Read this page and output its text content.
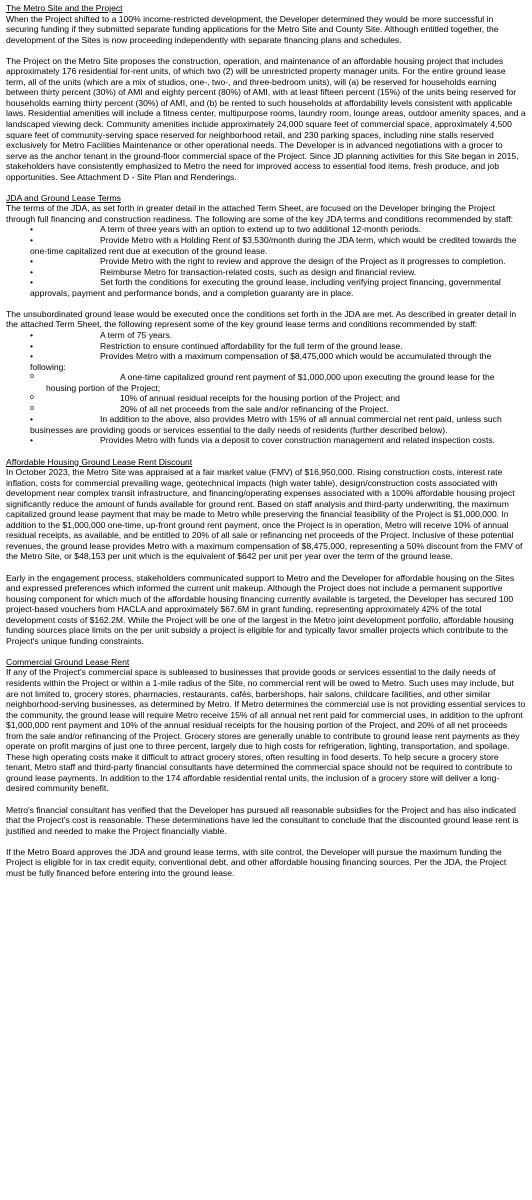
The Metro Site and the Project

When the Project shifted to a 100% income-restricted development, the Developer determined they would be more successful in securing funding if they submitted separate funding applications for the Metro Site and County Site. Although entitled together, the development of the Sites is now proceeding independently with separate financing plans and schedules.

The Project on the Metro Site proposes the construction, operation, and maintenance of an affordable housing project that includes approximately 176 residential for-rent units, of which two (2) will be unrestricted property manager units. For the entire ground lease term, all of the units (which are a mix of studios, one-, two-, and three-bedroom units), will (a) be reserved for households earning between thirty percent (30%) of AMI and eighty percent (80%) of AMI, with at least fifteen percent (15%) of the units being reserved for households earning thirty percent (30%) of AMI, and (b) be rented to such households at affordability levels consistent with applicable laws. Residential amenities will include a fitness center, multipurpose rooms, laundry room, lounge areas, outdoor amenity spaces, and a landscaped viewing deck. Community amenities include approximately 24,000 square feet of commercial space, approximately 4,500 square feet of community-serving space reserved for neighborhood retail, and 230 parking spaces, including nine stalls reserved exclusively for Metro Facilities Maintenance or other operational needs. The Developer is in advanced negotiations with a grocer to serve as the anchor tenant in the ground-floor commercial space of the Project. Since JD planning activities for this Site began in 2015, stakeholders have consistently emphasized to Metro the need for improved access to essential food items, fresh produce, and job opportunities. See Attachment D - Site Plan and Renderings.

JDA and Ground Lease Terms

The terms of the JDA, as set forth in greater detail in the attached Term Sheet, are focused on the Developer bringing the Project through full financing and construction readiness. The following are some of the key JDA terms and conditions recommended by staff:

• A term of three years with an option to extend up to two additional 12-month periods.
• Provide Metro with a Holding Rent of $3,530/month during the JDA term, which would be credited towards the one-time capitalized rent due at execution of the ground lease.
• Provide Metro with the right to review and approve the design of the Project as it progresses to completion.
• Reimburse Metro for transaction-related costs, such as design and financial review.
• Set forth the conditions for executing the ground lease, including verifying project financing, governmental approvals, payment and performance bonds, and a completion guaranty are in place.

The unsubordinated ground lease would be executed once the conditions set forth in the JDA are met. As described in greater detail in the attached Term Sheet, the following represent some of the key ground lease terms and conditions recommended by staff:

• A term of 75 years.
• Restriction to ensure continued affordability for the full term of the ground lease.
• Provides Metro with a maximum compensation of $8,475,000 which would be accumulated through the following:
o A one-time capitalized ground rent payment of $1,000,000 upon executing the ground lease for the housing portion of the Project;
o 10% of annual residual receipts for the housing portion of the Project; and
o 20% of all net proceeds from the sale and/or refinancing of the Project.
• In addition to the above, also provides Metro with 15% of all annual commercial net rent paid, unless such businesses are providing goods or services essential to the daily needs of residents (further described below).
• Provides Metro with funds via a deposit to cover construction management and related inspection costs.

Affordable Housing Ground Lease Rent Discount

In October 2023, the Metro Site was appraised at a fair market value (FMV) of $16,950,000. Rising construction costs, interest rate inflation, costs for commercial prevailing wage, geotechnical impacts (high water table), design/construction costs associated with development near complex transit infrastructure, and financing/operating expenses associated with a 100% affordable housing project significantly reduce the amount of funds available for ground rent. Based on staff analysis and third-party underwriting, the maximum capitalized ground lease payment that may be made to Metro while preserving the financial feasibility of the Project is $1,000,000. In addition to the $1,000,000 one-time, up-front ground rent payment, once the Project is in operation, Metro will receive 10% of annual residual receipts, as available, and be entitled to 20% of all sale or refinancing net proceeds of the Project. Inclusive of these potential revenues, the ground lease provides Metro with a maximum compensation of $8,475,000, representing a 50% discount from the FMV of the Metro Site, or $48,153 per unit which is the equivalent of $642 per unit per year over the term of the ground lease.

Early in the engagement process, stakeholders communicated support to Metro and the Developer for affordable housing on the Sites and expressed preferences which informed the current unit makeup. Although the Project does not include a permanent supportive housing component for which much of the affordable housing financing currently available is targeted, the Developer has secured 100 project-based vouchers from HACLA and approximately $67.6M in grant funding, representing approximately 42% of the total development costs of $162.2M. While the Project will be one of the largest in the Metro joint development portfolio, affordable housing funding sources place limits on the per unit subsidy a project is eligible for and typically favor smaller projects which contribute to the Project's unique funding constraints.

Commercial Ground Lease Rent

If any of the Project's commercial space is subleased to businesses that provide goods or services essential to the daily needs of residents within the Project or within a 1-mile radius of the Site, no commercial rent will be owed to Metro. Such uses may include, but are not limited to, grocery stores, pharmacies, restaurants, cafés, barbershops, hair salons, childcare facilities, and other similar neighborhood-serving businesses, as determined by Metro. If Metro determines the commercial use is not providing essential services to the community, the ground lease will require Metro receive 15% of all annual net rent paid for commercial uses, in addition to the upfront $1,000,000 rent payment and 10% of the annual residual receipts for the housing portion of the Project, and 20% of all net proceeds from the sale and/or refinancing of the Project. Grocery stores are generally unable to contribute to ground lease rent payments as they operate on profit margins of just one to three percent, largely due to high costs for refrigeration, lighting, transportation, and spoilage. These high operating costs make it difficult to attract grocery stores, often resulting in food deserts. To help secure a grocery store tenant, Metro staff and third-party financial consultants have determined the commercial space should not be required to contribute to ground lease payments. In addition to the 174 affordable residential rental units, the inclusion of a grocery store will deliver a long-desired community benefit.

Metro's financial consultant has verified that the Developer has pursued all reasonable subsidies for the Project and has also indicated that the Project's cost is reasonable. These determinations have led the consultant to conclude that the discounted ground lease rent is justified and needed to make the Project financially viable.

If the Metro Board approves the JDA and ground lease terms, with site control, the Developer will pursue the maximum funding the Project is eligible for in tax credit equity, conventional debt, and other affordable housing financing sources. Per the JDA, the Project must be fully financed before entering into the ground lease.
